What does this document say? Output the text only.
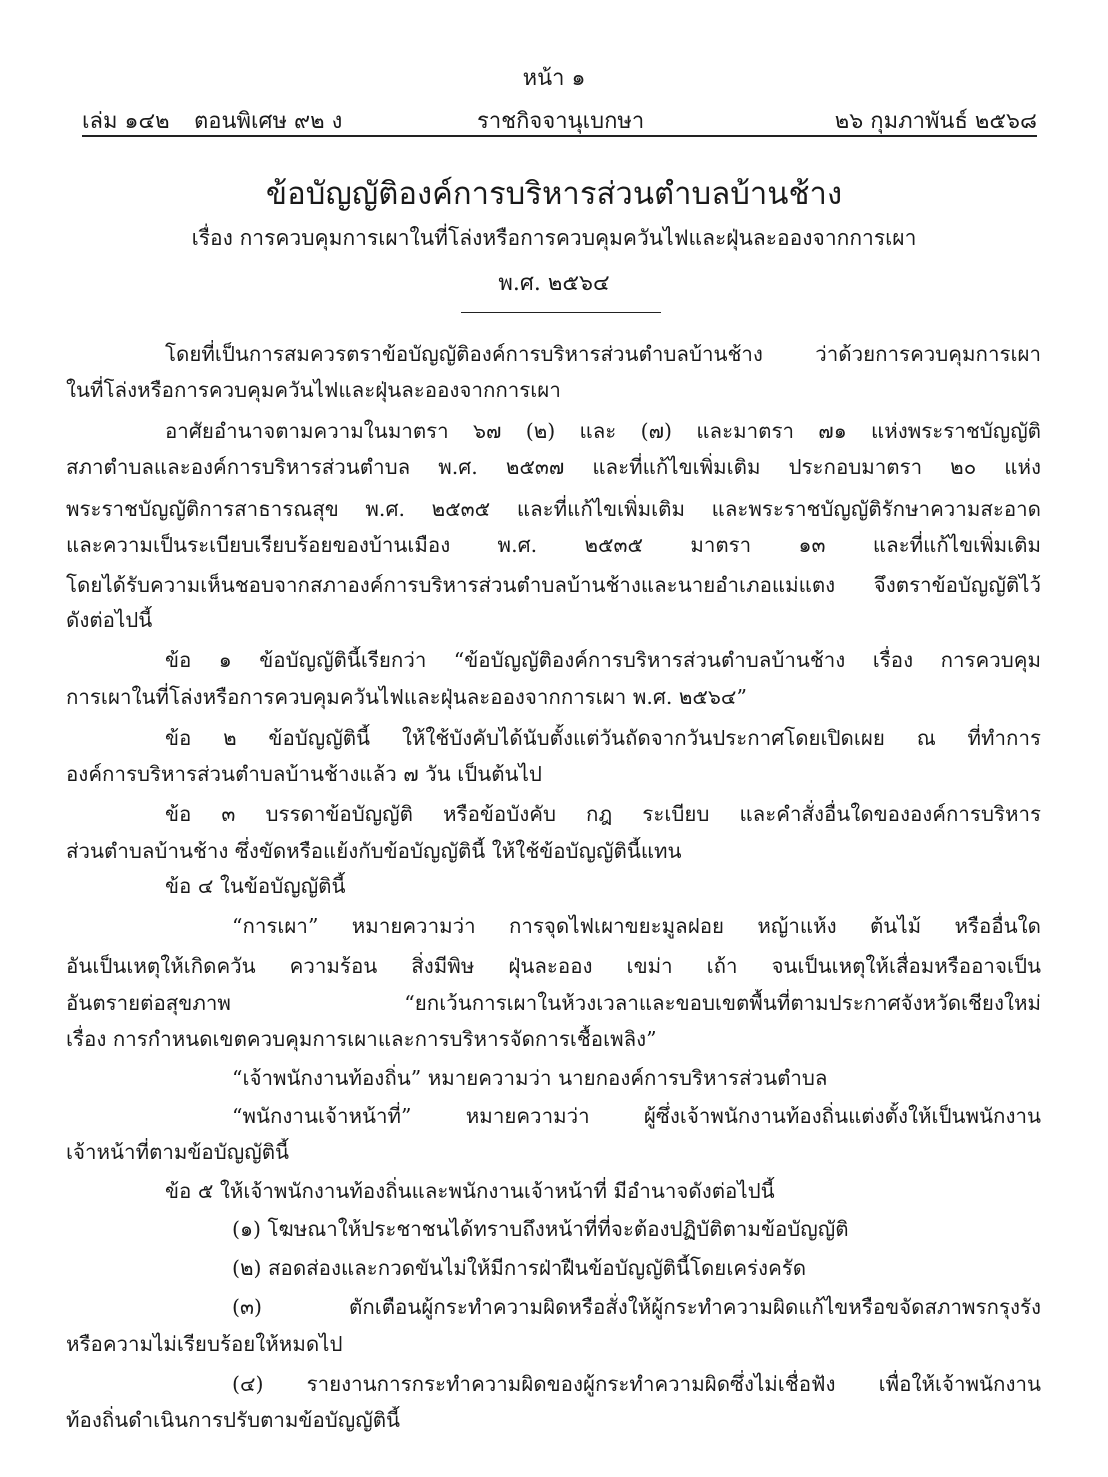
หน้า ๑
เล่ม ๑๔๒ ตอนพิเศษ ๙๒ ง	ราชกิจจานุเบกษา	๒๖ กุมภาพันธ์ ๒๕๖๘
ข้อบัญญัติองค์การบริหารส่วนตำบลบ้านช้าง
เรื่อง การควบคุมการเผาในที่โล่งหรือการควบคุมควันไฟและฝุ่นละอองจากการเผา
พ.ศ. ๒๕๖๔
โดยที่เป็นการสมควรตราข้อบัญญัติองค์การบริหารส่วนตำบลบ้านช้าง ว่าด้วยการควบคุมการเผา
ในที่โล่งหรือการควบคุมควันไฟและฝุ่นละอองจากการเผา
อาศัยอำนาจตามความในมาตรา ๖๗ (๒) และ (๗) และมาตรา ๗๑ แห่งพระราชบัญญัติ
สภาตำบลและองค์การบริหารส่วนตำบล พ.ศ. ๒๕๓๗ และที่แก้ไขเพิ่มเติม ประกอบมาตรา ๒๐ แห่ง
พระราชบัญญัติการสาธารณสุข พ.ศ. ๒๕๓๕ และที่แก้ไขเพิ่มเติม และพระราชบัญญัติรักษาความสะอาด
และความเป็นระเบียบเรียบร้อยของบ้านเมือง พ.ศ. ๒๕๓๕ มาตรา ๑๓ และที่แก้ไขเพิ่มเติม
โดยได้รับความเห็นชอบจากสภาองค์การบริหารส่วนตำบลบ้านช้างและนายอำเภอแม่แตง จึงตราข้อบัญญัติไว้
ดังต่อไปนี้
ข้อ ๑ ข้อบัญญัตินี้เรียกว่า “ข้อบัญญัติองค์การบริหารส่วนตำบลบ้านช้าง เรื่อง การควบคุม
การเผาในที่โล่งหรือการควบคุมควันไฟและฝุ่นละอองจากการเผา พ.ศ. ๒๕๖๔”
ข้อ ๒ ข้อบัญญัตินี้ ให้ใช้บังคับได้นับตั้งแต่วันถัดจากวันประกาศโดยเปิดเผย ณ ที่ทำการ
องค์การบริหารส่วนตำบลบ้านช้างแล้ว ๗ วัน เป็นต้นไป
ข้อ ๓ บรรดาข้อบัญญัติ หรือข้อบังคับ กฎ ระเบียบ และคำสั่งอื่นใดขององค์การบริหาร
ส่วนตำบลบ้านช้าง ซึ่งขัดหรือแย้งกับข้อบัญญัตินี้ ให้ใช้ข้อบัญญัตินี้แทน
ข้อ ๔ ในข้อบัญญัตินี้
“การเผา” หมายความว่า การจุดไฟเผาขยะมูลฝอย หญ้าแห้ง ต้นไม้ หรืออื่นใด
อันเป็นเหตุให้เกิดควัน ความร้อน สิ่งมีพิษ ฝุ่นละออง เขม่า เถ้า จนเป็นเหตุให้เสื่อมหรืออาจเป็น
อันตรายต่อสุขภาพ “ยกเว้นการเผาในห้วงเวลาและขอบเขตพื้นที่ตามประกาศจังหวัดเชียงใหม่
เรื่อง การกำหนดเขตควบคุมการเผาและการบริหารจัดการเชื้อเพลิง”
“เจ้าพนักงานท้องถิ่น” หมายความว่า นายกองค์การบริหารส่วนตำบล
“พนักงานเจ้าหน้าที่” หมายความว่า ผู้ซึ่งเจ้าพนักงานท้องถิ่นแต่งตั้งให้เป็นพนักงาน
เจ้าหน้าที่ตามข้อบัญญัตินี้
ข้อ ๕ ให้เจ้าพนักงานท้องถิ่นและพนักงานเจ้าหน้าที่ มีอำนาจดังต่อไปนี้
(๑) โฆษณาให้ประชาชนได้ทราบถึงหน้าที่ที่จะต้องปฏิบัติตามข้อบัญญัติ
(๒) สอดส่องและกวดขันไม่ให้มีการฝ่าฝืนข้อบัญญัตินี้โดยเคร่งครัด
(๓) ตักเตือนผู้กระทำความผิดหรือสั่งให้ผู้กระทำความผิดแก้ไขหรือขจัดสภาพรกรุงรัง
หรือความไม่เรียบร้อยให้หมดไป
(๔) รายงานการกระทำความผิดของผู้กระทำความผิดซึ่งไม่เชื่อฟัง เพื่อให้เจ้าพนักงาน
ท้องถิ่นดำเนินการปรับตามข้อบัญญัตินี้
